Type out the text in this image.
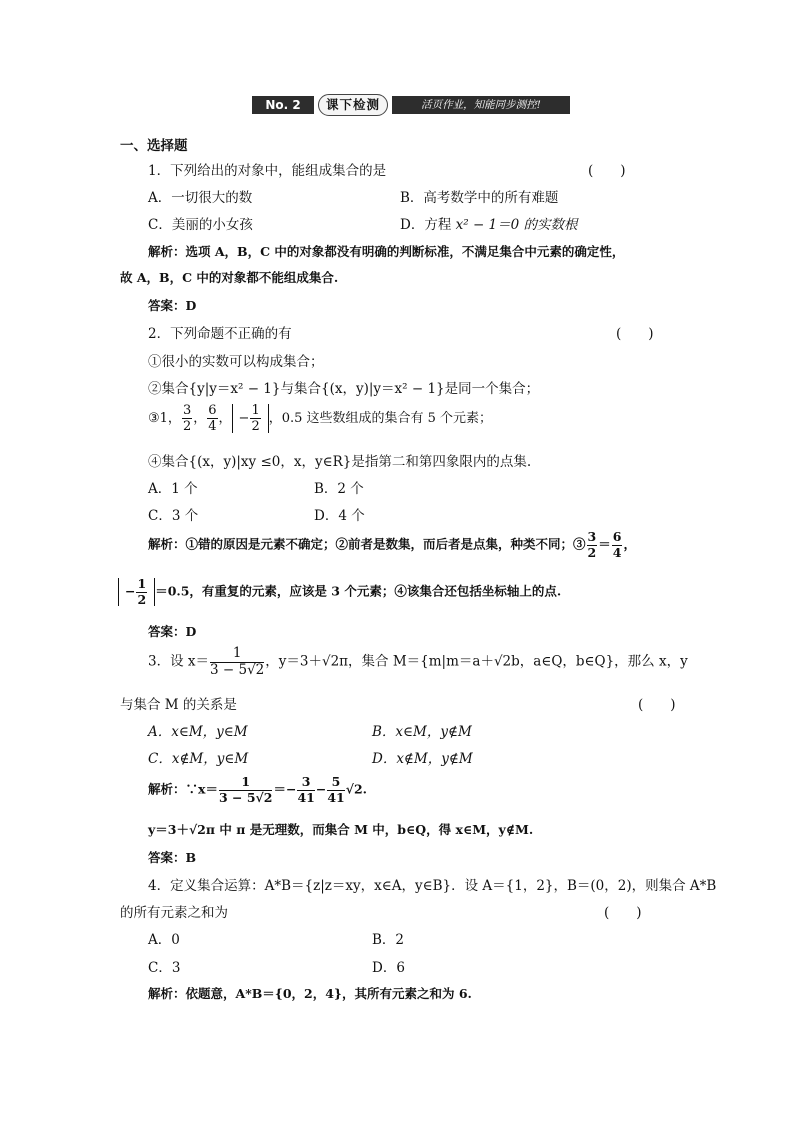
No. 2	课下检测	活页作业，知能同步测控!
一、选择题
1．下列给出的对象中，能组成集合的是	(　　)
A．一切很大的数	B．高考数学中的所有难题
C．美丽的小女孩	D．方程 x² − 1＝0 的实数根
解析：选项 A，B，C 中的对象都没有明确的判断标准，不满足集合中元素的确定性，
故 A，B，C 中的对象都不能组成集合.
答案：D
2．下列命题不正确的有	(　　)
①很小的实数可以构成集合；
②集合{y|y＝x² − 1}与集合{(x，y)|y＝x² − 1}是同一个集合；
③1， $\frac{3}{2}$ ， $\frac{6}{4}$ ， − $\frac{1}{2}$ ，0.5 这些数组成的集合有 5 个元素；
④集合{(x，y)|xy ≤0，x，y∈R}是指第二和第四象限内的点集.
A．1 个	B．2 个
C．3 个	D．4 个
解析：①错的原因是元素不确定；②前者是数集，而后者是点集，种类不同；③ $\frac{3}{2} = \frac{6}{4}$ ，
− $\frac{1}{2} =0.5$，有重复的元素，应该是 3 个元素；④该集合还包括坐标轴上的点.
答案：D
3．设 $x= \frac{1}{3 - 5√2}$ ，y＝3＋√2π，集合 M＝{m|m＝a＋√2b，a∈Q，b∈Q}，那么 x，y
与集合 M 的关系是	(　　)
A．x∈M，y∈M	B．x∈M，y∉M
C．x∉M，y∈M	D．x∉M，y∉M
解析：∵x＝ $\frac{1}{3 - 5√2} =- \frac{3}{41} - \frac{5}{41} √2$.
y＝3＋√2π 中 π 是无理数，而集合 M 中，b∈Q，得 x∈M，y∉M.
答案：B
4．定义集合运算：A*B＝{z|z＝xy，x∈A，y∈B}．设 A＝{1，2}，B＝(0，2)，则集合 A*B
的所有元素之和为	(　　)
A．0	B．2
C．3	D．6
解析：依题意，A*B＝{0，2，4}，其所有元素之和为 6.
